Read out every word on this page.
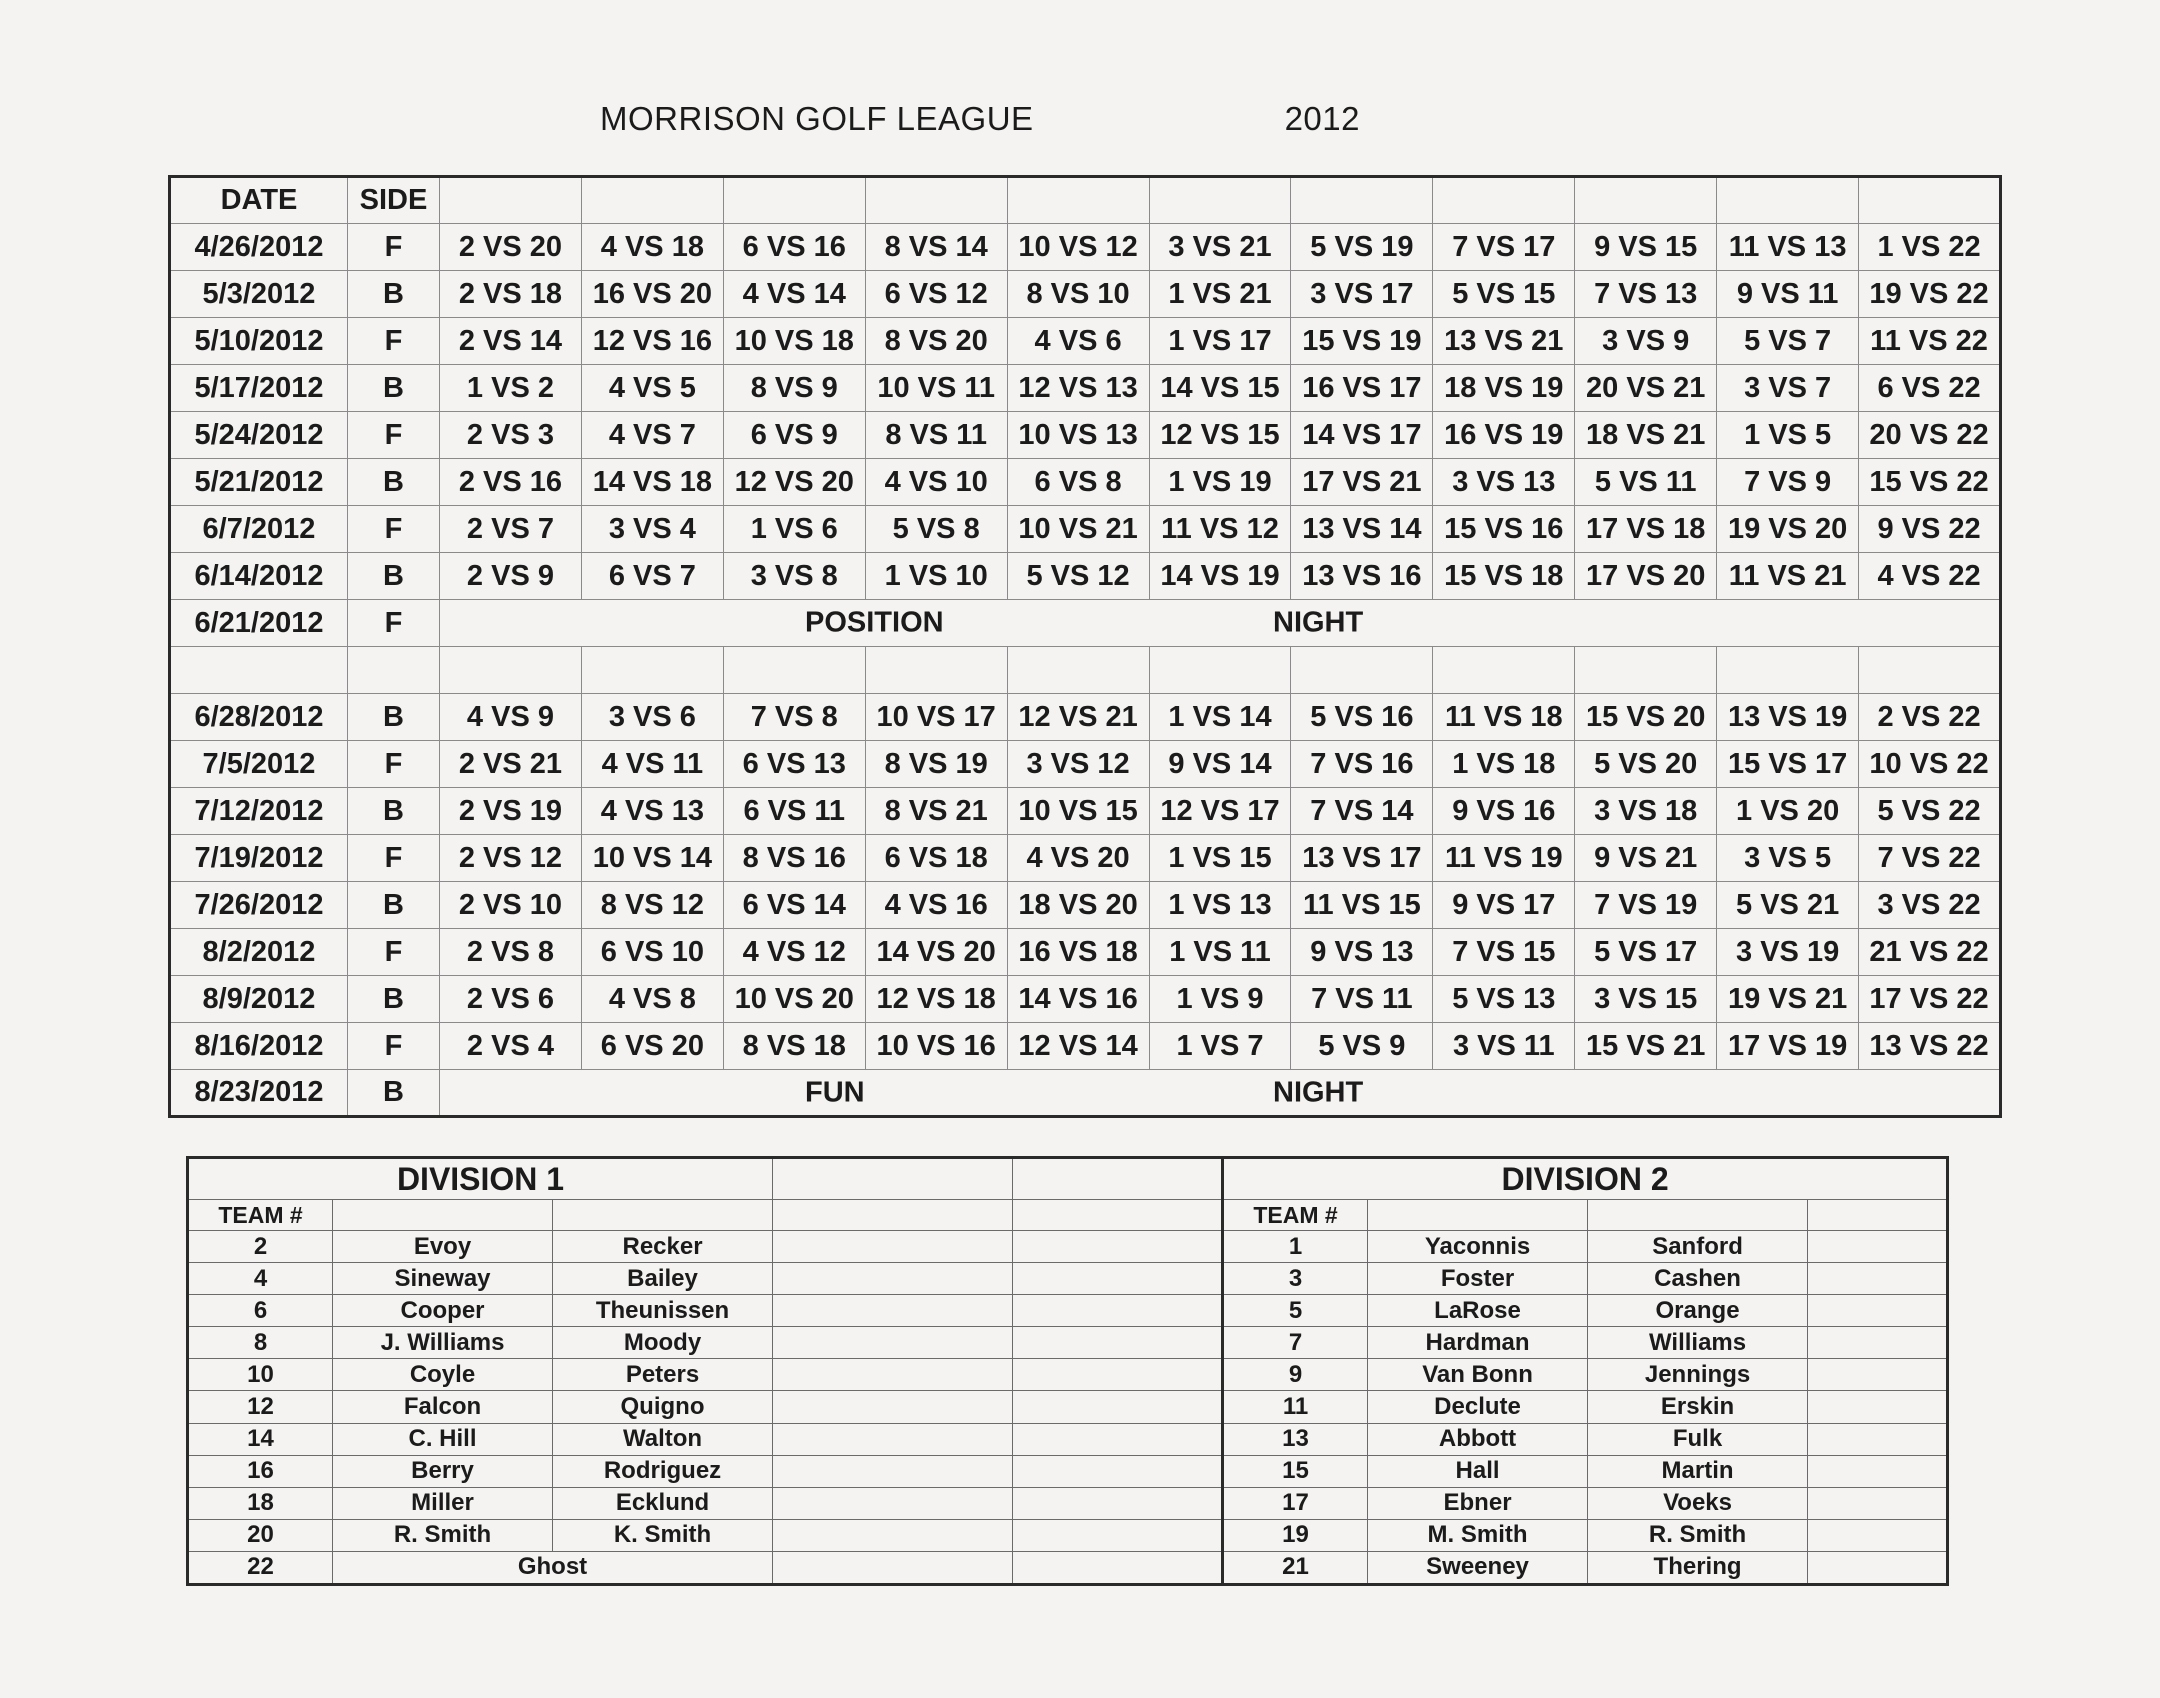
MORRISON GOLF LEAGUE	2012
DATE	SIDE											
4/26/2012	F	2 VS 20	4 VS 18	6 VS 16	8 VS 14	10 VS 12	3 VS 21	5 VS 19	7 VS 17	9 VS 15	11 VS 13	1 VS 22
5/3/2012	B	2 VS 18	16 VS 20	4 VS 14	6 VS 12	8 VS 10	1 VS 21	3 VS 17	5 VS 15	7 VS 13	9 VS 11	19 VS 22
5/10/2012	F	2 VS 14	12 VS 16	10 VS 18	8 VS 20	4 VS 6	1 VS 17	15 VS 19	13 VS 21	3 VS 9	5 VS 7	11 VS 22
5/17/2012	B	1 VS 2	4 VS 5	8 VS 9	10 VS 11	12 VS 13	14 VS 15	16 VS 17	18 VS 19	20 VS 21	3 VS 7	6 VS 22
5/24/2012	F	2 VS 3	4 VS 7	6 VS 9	8 VS 11	10 VS 13	12 VS 15	14 VS 17	16 VS 19	18 VS 21	1 VS 5	20 VS 22
5/21/2012	B	2 VS 16	14 VS 18	12 VS 20	4 VS 10	6 VS 8	1 VS 19	17 VS 21	3 VS 13	5 VS 11	7 VS 9	15 VS 22
6/7/2012	F	2 VS 7	3 VS 4	1 VS 6	5 VS 8	10 VS 21	11 VS 12	13 VS 14	15 VS 16	17 VS 18	19 VS 20	9 VS 22
6/14/2012	B	2 VS 9	6 VS 7	3 VS 8	1 VS 10	5 VS 12	14 VS 19	13 VS 16	15 VS 18	17 VS 20	11 VS 21	4 VS 22
6/21/2012	F	POSITION NIGHT										

6/28/2012	B	4 VS 9	3 VS 6	7 VS 8	10 VS 17	12 VS 21	1 VS 14	5 VS 16	11 VS 18	15 VS 20	13 VS 19	2 VS 22
7/5/2012	F	2 VS 21	4 VS 11	6 VS 13	8 VS 19	3 VS 12	9 VS 14	7 VS 16	1 VS 18	5 VS 20	15 VS 17	10 VS 22
7/12/2012	B	2 VS 19	4 VS 13	6 VS 11	8 VS 21	10 VS 15	12 VS 17	7 VS 14	9 VS 16	3 VS 18	1 VS 20	5 VS 22
7/19/2012	F	2 VS 12	10 VS 14	8 VS 16	6 VS 18	4 VS 20	1 VS 15	13 VS 17	11 VS 19	9 VS 21	3 VS 5	7 VS 22
7/26/2012	B	2 VS 10	8 VS 12	6 VS 14	4 VS 16	18 VS 20	1 VS 13	11 VS 15	9 VS 17	7 VS 19	5 VS 21	3 VS 22
8/2/2012	F	2 VS 8	6 VS 10	4 VS 12	14 VS 20	16 VS 18	1 VS 11	9 VS 13	7 VS 15	5 VS 17	3 VS 19	21 VS 22
8/9/2012	B	2 VS 6	4 VS 8	10 VS 20	12 VS 18	14 VS 16	1 VS 9	7 VS 11	5 VS 13	3 VS 15	19 VS 21	17 VS 22
8/16/2012	F	2 VS 4	6 VS 20	8 VS 18	10 VS 16	12 VS 14	1 VS 7	5 VS 9	3 VS 11	15 VS 21	17 VS 19	13 VS 22
8/23/2012	B	FUN NIGHT										
DIVISION 1					DIVISION 2			
TEAM #					TEAM #			
2	Evoy	Recker			1	Yaconnis	Sanford	
4	Sineway	Bailey			3	Foster	Cashen	
6	Cooper	Theunissen			5	LaRose	Orange	
8	J. Williams	Moody			7	Hardman	Williams	
10	Coyle	Peters			9	Van Bonn	Jennings	
12	Falcon	Quigno			11	Declute	Erskin	
14	C. Hill	Walton			13	Abbott	Fulk	
16	Berry	Rodriguez			15	Hall	Martin	
18	Miller	Ecklund			17	Ebner	Voeks	
20	R. Smith	K. Smith			19	M. Smith	R. Smith	
22	Ghost				21	Sweeney	Thering	
